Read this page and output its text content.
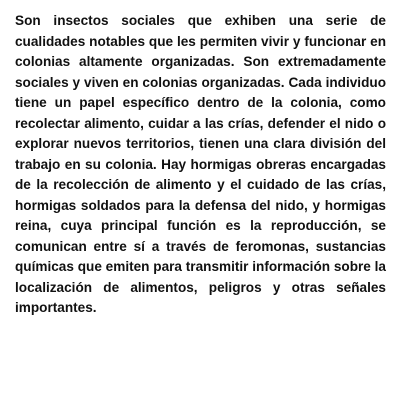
Son insectos sociales que exhiben una serie de cualidades notables que les permiten vivir y funcionar en colonias altamente organizadas. Son extremadamente sociales y viven en colonias organizadas. Cada individuo tiene un papel específico dentro de la colonia, como recolectar alimento, cuidar a las crías, defender el nido o explorar nuevos territorios, tienen una clara división del trabajo en su colonia. Hay hormigas obreras encargadas de la recolección de alimento y el cuidado de las crías, hormigas soldados para la defensa del nido, y hormigas reina, cuya principal función es la reproducción, se comunican entre sí a través de feromonas, sustancias químicas que emiten para transmitir información sobre la localización de alimentos, peligros y otras señales importantes.
